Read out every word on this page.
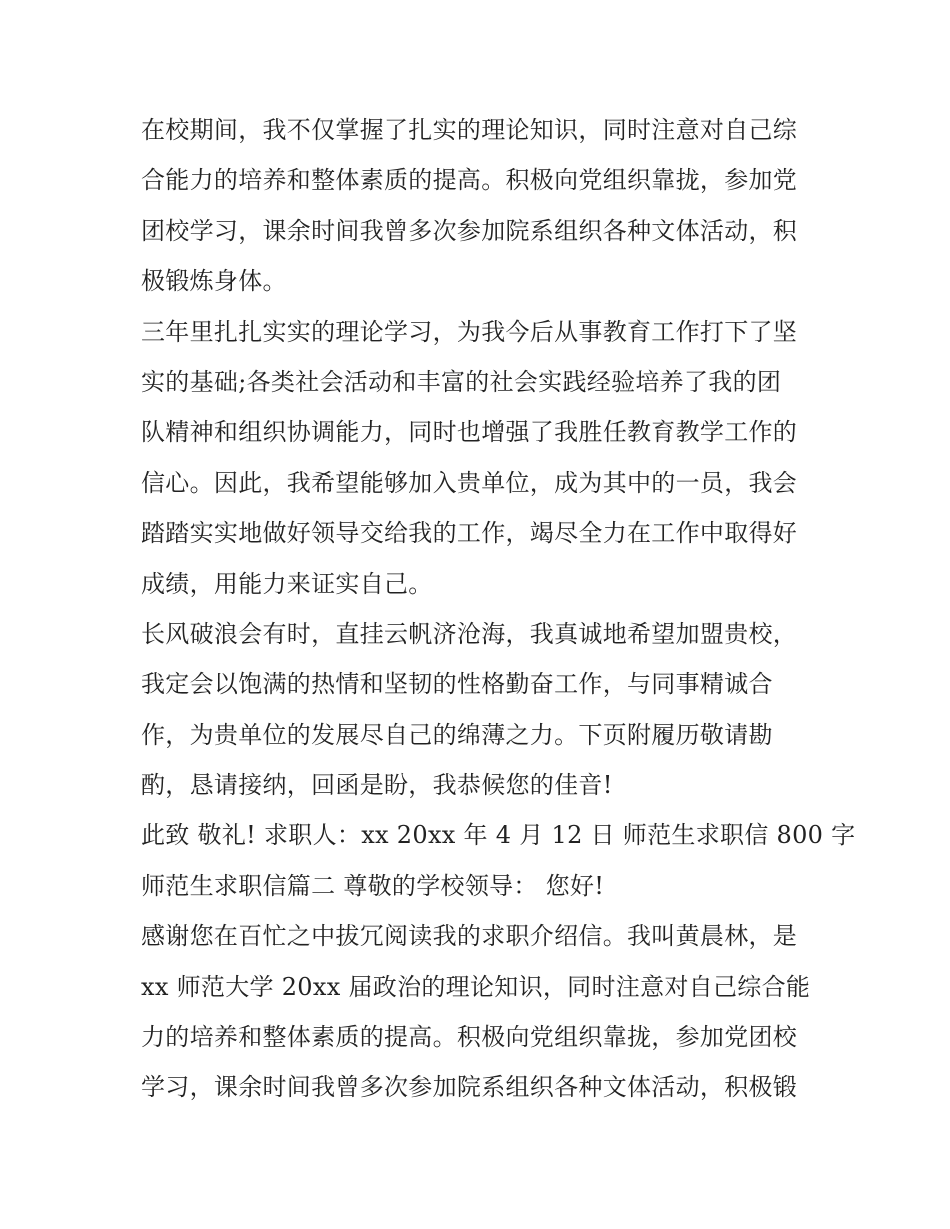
在校期间，我不仅掌握了扎实的理论知识，同时注意对自己综
合能力的培养和整体素质的提高。积极向党组织靠拢，参加党
团校学习，课余时间我曾多次参加院系组织各种文体活动，积
极锻炼身体。
三年里扎扎实实的理论学习，为我今后从事教育工作打下了坚
实的基础;各类社会活动和丰富的社会实践经验培养了我的团
队精神和组织协调能力，同时也增强了我胜任教育教学工作的
信心。因此，我希望能够加入贵单位，成为其中的一员，我会
踏踏实实地做好领导交给我的工作，竭尽全力在工作中取得好
成绩，用能力来证实自己。
长风破浪会有时，直挂云帆济沧海，我真诚地希望加盟贵校，
我定会以饱满的热情和坚韧的性格勤奋工作，与同事精诚合
作，为贵单位的发展尽自己的绵薄之力。下页附履历敬请勘
酌，恳请接纳，回函是盼，我恭候您的佳音!
此致 敬礼! 求职人：xx 20xx 年 4 月 12 日 师范生求职信 800 字
师范生求职信篇二 尊敬的学校领导： 您好!
感谢您在百忙之中拔冗阅读我的求职介绍信。我叫黄晨林，是
xx 师范大学 20xx 届政治的理论知识，同时注意对自己综合能
力的培养和整体素质的提高。积极向党组织靠拢，参加党团校
学习，课余时间我曾多次参加院系组织各种文体活动，积极锻
